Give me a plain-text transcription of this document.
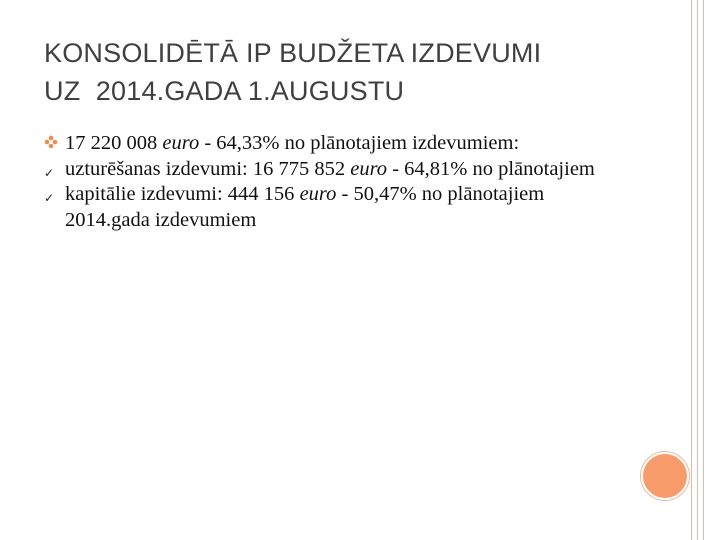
KONSOLIDĒTĀ IP BUDŽETA IZDEVUMI
UZ  2014.GADA 1.AUGUSTU
17 220 008 euro - 64,33% no plānotajiem izdevumiem:
✓ uzturēšanas izdevumi: 16 775 852 euro - 64,81% no plānotajiem
✓ kapitālie izdevumi: 444 156 euro - 50,47% no plānotajiem 2014.gada izdevumiem
